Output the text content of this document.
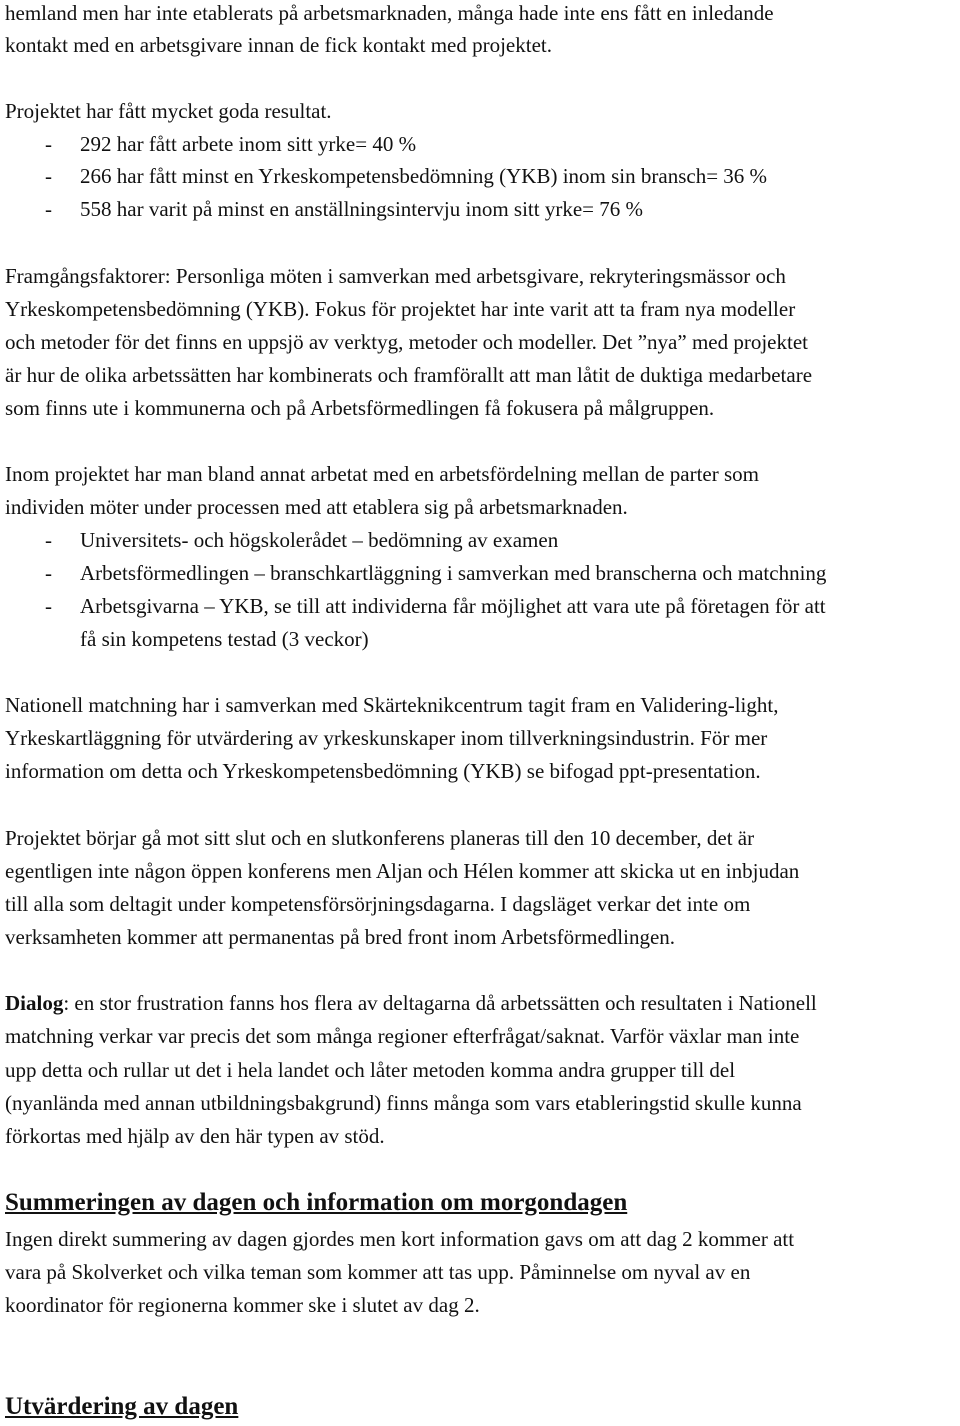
hemland men har inte etablerats på arbetsmarknaden, många hade inte ens fått en inledande
kontakt med en arbetsgivare innan de fick kontakt med projektet.
Projektet har fått mycket goda resultat.
- 292 har fått arbete inom sitt yrke= 40 %
- 266 har fått minst en Yrkeskompetensbedömning (YKB) inom sin bransch= 36 %
- 558 har varit på minst en anställningsintervju inom sitt yrke= 76 %
Framgångsfaktorer: Personliga möten i samverkan med arbetsgivare, rekryteringsmässor och
Yrkeskompetensbedömning (YKB). Fokus för projektet har inte varit att ta fram nya modeller
och metoder för det finns en uppsjö av verktyg, metoder och modeller. Det ”nya” med projektet
är hur de olika arbetssätten har kombinerats och framförallt att man låtit de duktiga medarbetare
som finns ute i kommunerna och på Arbetsförmedlingen få fokusera på målgruppen.
Inom projektet har man bland annat arbetat med en arbetsfördelning mellan de parter som
individen möter under processen med att etablera sig på arbetsmarknaden.
- Universitets- och högskolerådet – bedömning av examen
- Arbetsförmedlingen – branschkartläggning i samverkan med branscherna och matchning
- Arbetsgivarna – YKB, se till att individerna får möjlighet att vara ute på företagen för att
få sin kompetens testad (3 veckor)
Nationell matchning har i samverkan med Skärteknikcentrum tagit fram en Validering-light,
Yrkeskartläggning för utvärdering av yrkeskunskaper inom tillverkningsindustrin. För mer
information om detta och Yrkeskompetensbedömning (YKB) se bifogad ppt-presentation.
Projektet börjar gå mot sitt slut och en slutkonferens planeras till den 10 december, det är
egentligen inte någon öppen konferens men Aljan och Hélen kommer att skicka ut en inbjudan
till alla som deltagit under kompetensförsörjningsdagarna. I dagsläget verkar det inte om
verksamheten kommer att permanentas på bred front inom Arbetsförmedlingen.
Dialog: en stor frustration fanns hos flera av deltagarna då arbetssätten och resultaten i Nationell
matchning verkar var precis det som många regioner efterfrågat/saknat. Varför växlar man inte
upp detta och rullar ut det i hela landet och låter metoden komma andra grupper till del
(nyanlända med annan utbildningsbakgrund) finns många som vars etableringstid skulle kunna
förkortas med hjälp av den här typen av stöd.
Summeringen av dagen och information om morgondagen
Ingen direkt summering av dagen gjordes men kort information gavs om att dag 2 kommer att
vara på Skolverket och vilka teman som kommer att tas upp. Påminnelse om nyval av en
koordinator för regionerna kommer ske i slutet av dag 2.
Utvärdering av dagen
